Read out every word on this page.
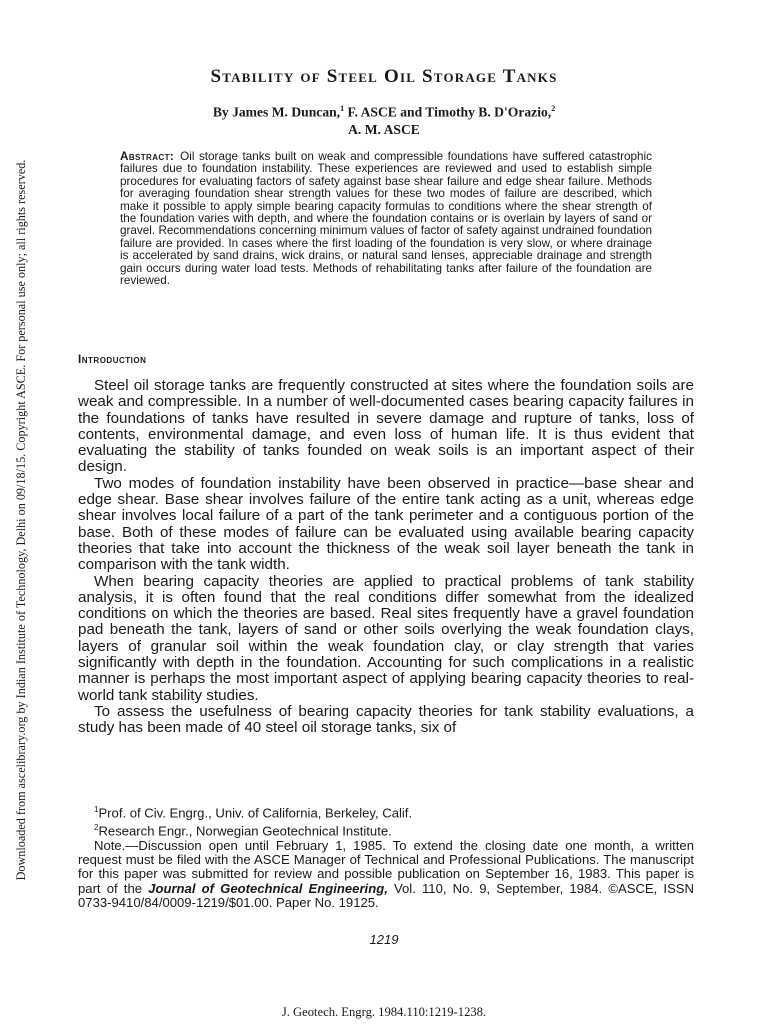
Downloaded from ascelibrary.org by Indian Institute of Technology, Delhi on 09/18/15. Copyright ASCE. For personal use only; all rights reserved.
Stability of Steel Oil Storage Tanks
By James M. Duncan,$^1$ F. ASCE and Timothy B. D'Orazio,$^2$
A. M. ASCE
Abstract: Oil storage tanks built on weak and compressible foundations have suffered catastrophic failures due to foundation instability. These experiences are reviewed and used to establish simple procedures for evaluating factors of safety against base shear failure and edge shear failure. Methods for averaging foundation shear strength values for these two modes of failure are described, which make it possible to apply simple bearing capacity formulas to conditions where the shear strength of the foundation varies with depth, and where the foundation contains or is overlain by layers of sand or gravel. Recommendations concerning minimum values of factor of safety against undrained foundation failure are provided. In cases where the first loading of the foundation is very slow, or where drainage is accelerated by sand drains, wick drains, or natural sand lenses, appreciable drainage and strength gain occurs during water load tests. Methods of rehabilitating tanks after failure of the foundation are reviewed.
Introduction

Steel oil storage tanks are frequently constructed at sites where the foundation soils are weak and compressible. In a number of well-documented cases bearing capacity failures in the foundations of tanks have resulted in severe damage and rupture of tanks, loss of contents, environmental damage, and even loss of human life. It is thus evident that evaluating the stability of tanks founded on weak soils is an important aspect of their design.

Two modes of foundation instability have been observed in practice—base shear and edge shear. Base shear involves failure of the entire tank acting as a unit, whereas edge shear involves local failure of a part of the tank perimeter and a contiguous portion of the base. Both of these modes of failure can be evaluated using available bearing capacity theories that take into account the thickness of the weak soil layer beneath the tank in comparison with the tank width.

When bearing capacity theories are applied to practical problems of tank stability analysis, it is often found that the real conditions differ somewhat from the idealized conditions on which the theories are based. Real sites frequently have a gravel foundation pad beneath the tank, layers of sand or other soils overlying the weak foundation clays, layers of granular soil within the weak foundation clay, or clay strength that varies significantly with depth in the foundation. Accounting for such complications in a realistic manner is perhaps the most important aspect of applying bearing capacity theories to real-world tank stability studies.

To assess the usefulness of bearing capacity theories for tank stability evaluations, a study has been made of 40 steel oil storage tanks, six of

$^1$Prof. of Civ. Engrg., Univ. of California, Berkeley, Calif.

$^2$Research Engr., Norwegian Geotechnical Institute.

Note.—Discussion open until February 1, 1985. To extend the closing date one month, a written request must be filed with the ASCE Manager of Technical and Professional Publications. The manuscript for this paper was submitted for review and possible publication on September 16, 1983. This paper is part of the Journal of Geotechnical Engineering, Vol. 110, No. 9, September, 1984. ©ASCE, ISSN 0733-9410/84/0009-1219/$01.00. Paper No. 19125.

1219
J. Geotech. Engrg. 1984.110:1219-1238.
